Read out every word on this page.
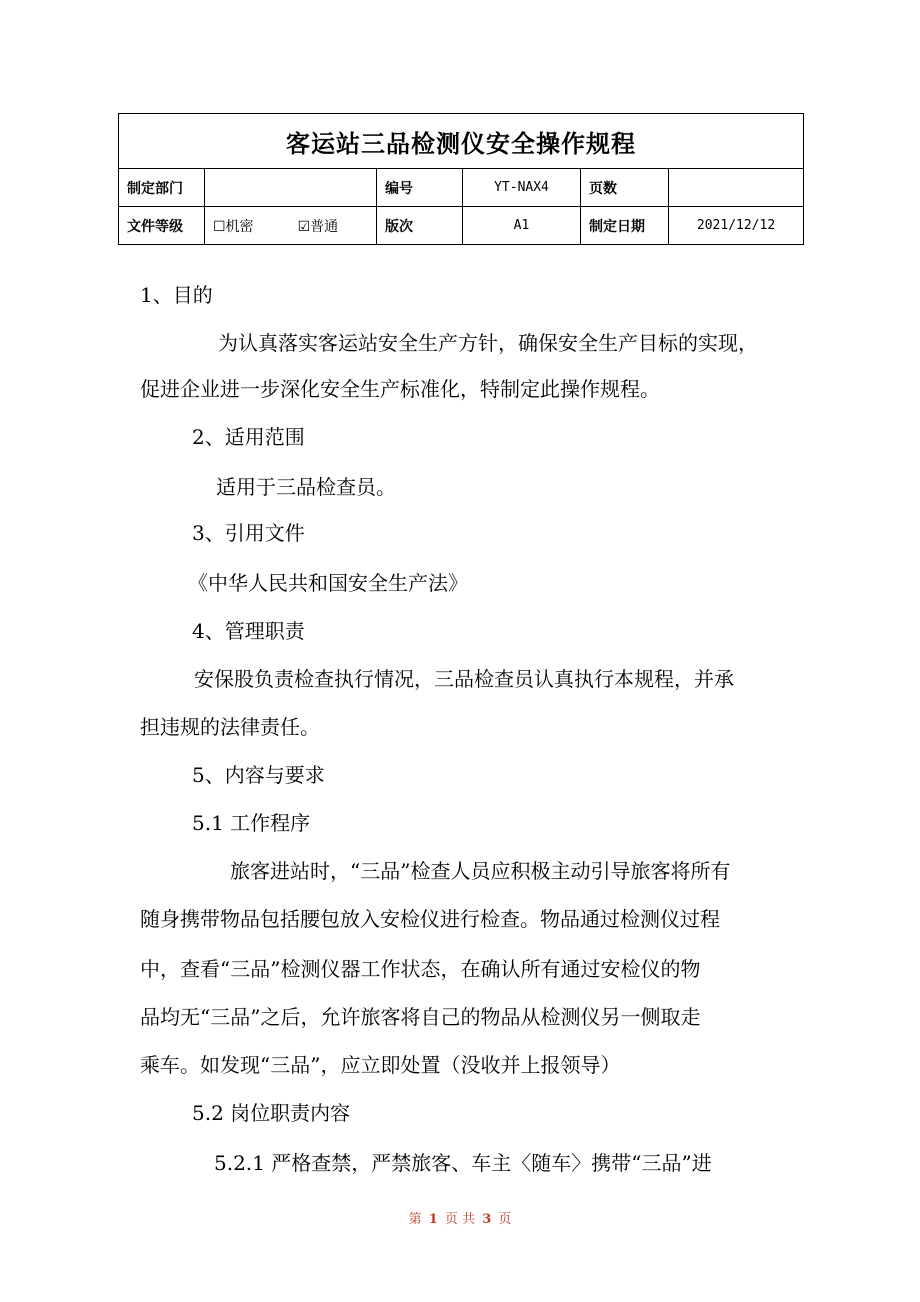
客运站三品检测仪安全操作规程					
制定部门		编号	YT-NAX4	页数	
文件等级	☐机密 ☑普通	版次	A1	制定日期	2021/12/12
1、目的
为认真落实客运站安全生产方针，确保安全生产目标的实现，
促进企业进一步深化安全生产标准化，特制定此操作规程。
2、适用范围
适用于三品检查员。
3、引用文件
《中华人民共和国安全生产法》
4、管理职责
安保股负责检查执行情况，三品检查员认真执行本规程，并承
担违规的法律责任。
5、内容与要求
5.1 工作程序
旅客进站时，“三品”检查人员应积极主动引导旅客将所有
随身携带物品包括腰包放入安检仪进行检查。物品通过检测仪过程
中，查看“三品”检测仪器工作状态，在确认所有通过安检仪的物
品均无“三品”之后，允许旅客将自己的物品从检测仪另一侧取走
乘车。如发现“三品”，应立即处置（没收并上报领导）
5.2 岗位职责内容
5.2.1 严格查禁，严禁旅客、车主〈随车〉携带“三品”进
第 1 页 共 3 页
